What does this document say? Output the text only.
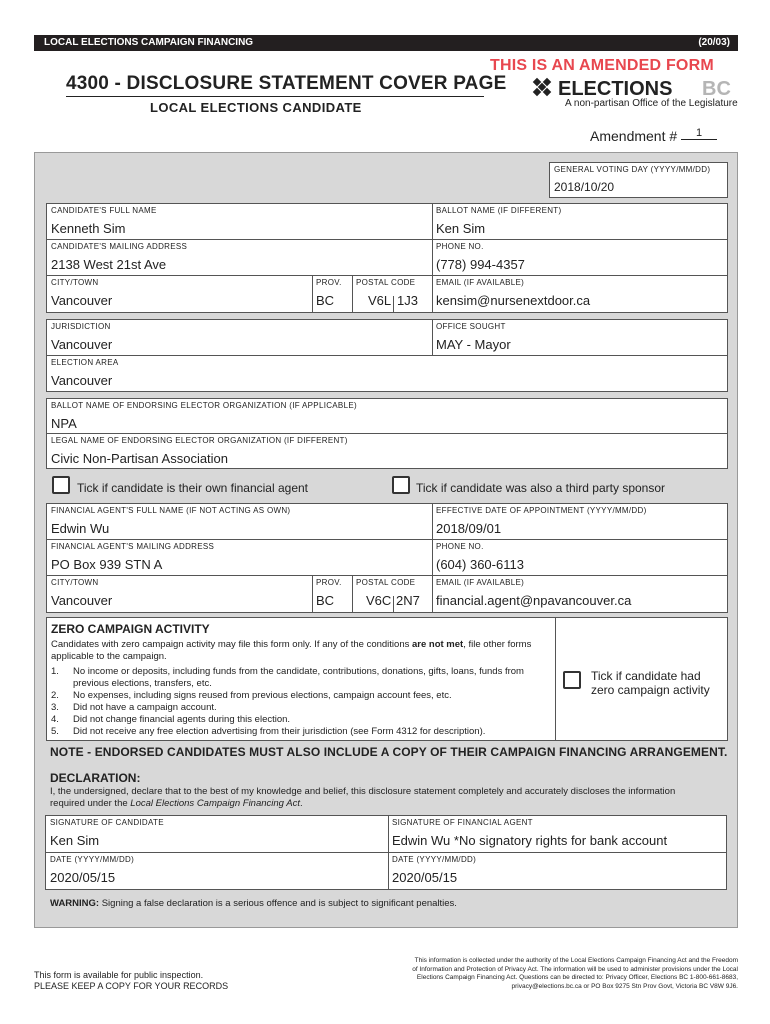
LOCAL ELECTIONS CAMPAIGN FINANCING	(20/03)
4300 - DISCLOSURE STATEMENT COVER PAGE
LOCAL ELECTIONS CANDIDATE
THIS IS AN AMENDED FORM
ELECTIONS BC
A non-partisan Office of the Legislature
Amendment # 1
GENERAL VOTING DAY (YYYY/MM/DD)
2018/10/20
CANDIDATE'S FULL NAME
Kenneth Sim
BALLOT NAME (IF DIFFERENT)
Ken Sim
CANDIDATE'S MAILING ADDRESS
2138 West 21st Ave
PHONE NO.
(778) 994-4357
CITY/TOWN
Vancouver
PROV.
BC
POSTAL CODE
V6L 1J3
EMAIL (IF AVAILABLE)
kensim@nursenextdoor.ca
JURISDICTION
Vancouver
OFFICE SOUGHT
MAY - Mayor
ELECTION AREA
Vancouver
BALLOT NAME OF ENDORSING ELECTOR ORGANIZATION (IF APPLICABLE)
NPA
LEGAL NAME OF ENDORSING ELECTOR ORGANIZATION (IF DIFFERENT)
Civic Non-Partisan Association
Tick if candidate is their own financial agent	Tick if candidate was also a third party sponsor
FINANCIAL AGENT'S FULL NAME (IF NOT ACTING AS OWN)
Edwin Wu
EFFECTIVE DATE OF APPOINTMENT (YYYY/MM/DD)
2018/09/01
FINANCIAL AGENT'S MAILING ADDRESS
PO Box 939 STN A
PHONE NO.
(604) 360-6113
CITY/TOWN
Vancouver
PROV.
BC
POSTAL CODE
V6C 2N7
EMAIL (IF AVAILABLE)
financial.agent@npavancouver.ca
ZERO CAMPAIGN ACTIVITY
Candidates with zero campaign activity may file this form only. If any of the conditions are not met, file other forms
applicable to the campaign.
1. No income or deposits, including funds from the candidate, contributions, donations, gifts, loans, funds from
previous elections, transfers, etc.
2. No expenses, including signs reused from previous elections, campaign account fees, etc.
3. Did not have a campaign account.
4. Did not change financial agents during this election.
5. Did not receive any free election advertising from their jurisdiction (see Form 4312 for description).
Tick if candidate had
zero campaign activity
NOTE - ENDORSED CANDIDATES MUST ALSO INCLUDE A COPY OF THEIR CAMPAIGN FINANCING ARRANGEMENT.
DECLARATION:
I, the undersigned, declare that to the best of my knowledge and belief, this disclosure statement completely and accurately discloses the information
required under the Local Elections Campaign Financing Act.
SIGNATURE OF CANDIDATE
Ken Sim
SIGNATURE OF FINANCIAL AGENT
Edwin Wu *No signatory rights for bank account
DATE (YYYY/MM/DD)
2020/05/15
DATE (YYYY/MM/DD)
2020/05/15
WARNING: Signing a false declaration is a serious offence and is subject to significant penalties.
This form is available for public inspection.
PLEASE KEEP A COPY FOR YOUR RECORDS
This information is collected under the authority of the Local Elections Campaign Financing Act and the Freedom
of Information and Protection of Privacy Act. The information will be used to administer provisions under the Local
Elections Campaign Financing Act. Questions can be directed to: Privacy Officer, Elections BC 1-800-661-8683,
privacy@elections.bc.ca or PO Box 9275 Stn Prov Govt, Victoria BC V8W 9J6.
